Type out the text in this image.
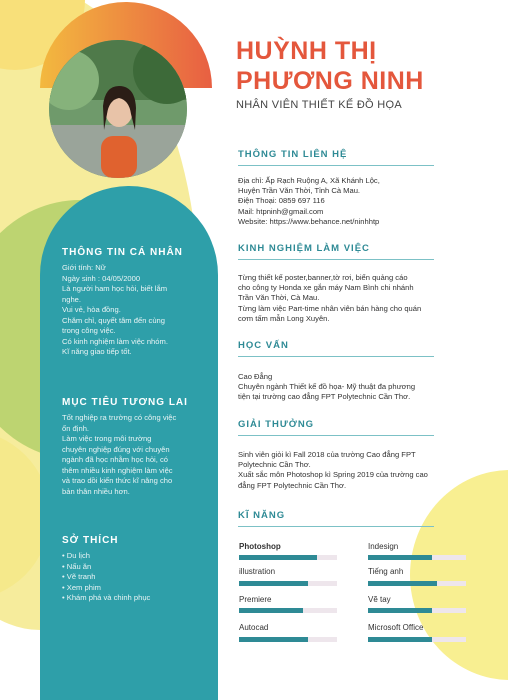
HUỲNH THỊ
PHƯƠNG NINH
NHÂN VIÊN THIẾT KẾ ĐỒ HỌA
THÔNG TIN CÁ NHÂN
Giới tính: Nữ
Ngày sinh : 04/05/2000
Là người ham học hỏi, biết lắm
nghe.
Vui vẻ, hòa đồng.
Chăm chỉ, quyết tâm đến cùng
trong công việc.
Có kinh nghiệm làm việc nhóm.
Kĩ năng giao tiếp tốt.
MỤC TIÊU TƯƠNG LAI
Tốt nghiệp ra trường có công việc
ổn định.
Làm việc trong môi trường
chuyên nghiệp đúng với chuyên
ngành đã học nhằm học hỏi, có
thêm nhiều kinh nghiệm làm việc
và trao dồi kiến thức kĩ năng cho
bản thân nhiều hơn.
SỞ THÍCH
• Du lịch
• Nấu ăn
• Vẽ tranh
• Xem phim
• Khám phá và chinh phục
THÔNG TIN LIÊN HỆ
Địa chỉ: Ấp Rạch Ruộng A, Xã Khánh Lộc,
Huyện Trần Văn Thời, Tỉnh Cà Mau.
Điện Thoại: 0859 697 116
Mail: htpninh@gmail.com
Website: https://www.behance.net/ninhhtp
KINH NGHIỆM LÀM VIỆC
Từng thiết kế poster,banner,tờ rơi, biển quảng cáo
cho công ty Honda xe gắn máy Nam Bình chi nhánh
Trần Văn Thời, Cà Mau.
Từng làm việc Part-time nhân viên bán hàng cho quán
cơm tấm mẫn Long Xuyên.
HỌC VẤN
Cao Đẳng
Chuyên ngành Thiết kế đồ họa- Mỹ thuật đa phương
tiện tại trường cao đẳng FPT Polytechnic Cần Thơ.
GIẢI THƯỞNG
Sinh viên giỏi kì Fall 2018 của trường Cao đẳng FPT
Polytechnic Cần Thơ.
Xuất sắc môn Photoshop kì Spring 2019 của trường cao
đẳng FPT Polytechnic Cần Thơ.
KĨ NĂNG
Photoshop	Indesign
illustration	Tiếng anh
Premiere	Vẽ tay
Autocad	Microsoft Office
